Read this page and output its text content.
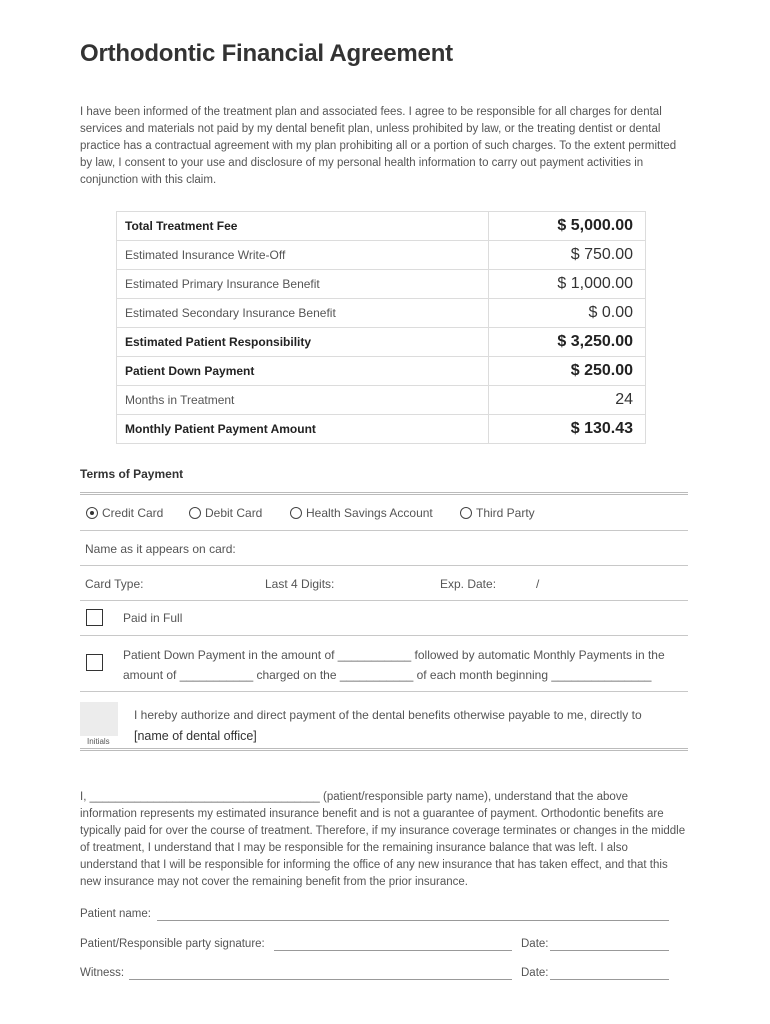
Orthodontic Financial Agreement

I have been informed of the treatment plan and associated fees. I agree to be responsible for all charges for dental services and materials not paid by my dental benefit plan, unless prohibited by law, or the treating dentist or dental practice has a contractual agreement with my plan prohibiting all or a portion of such charges. To the extent permitted by law, I consent to your use and disclosure of my personal health information to carry out payment activities in conjunction with this claim.

Total Treatment Fee	$ 5,000.00
Estimated Insurance Write-Off	$ 750.00
Estimated Primary Insurance Benefit	$ 1,000.00
Estimated Secondary Insurance Benefit	$ 0.00
Estimated Patient Responsibility	$ 3,250.00
Patient Down Payment	$ 250.00
Months in Treatment	24
Monthly Patient Payment Amount	$ 130.43
Terms of Payment
Credit Card	Debit Card	Health Savings Account	Third Party
Name as it appears on card:
Card Type:	Last 4 Digits:	Exp. Date:	/
Paid in Full
Patient Down Payment in the amount of ___________ followed by automatic Monthly Payments in the
amount of ___________ charged on the ___________ of each month beginning _______________
Initials
I hereby authorize and direct payment of the dental benefits otherwise payable to me, directly to
[name of dental office]

I, ____________________________________ (patient/responsible party name), understand that the above information represents my estimated insurance benefit and is not a guarantee of payment. Orthodontic benefits are typically paid for over the course of treatment. Therefore, if my insurance coverage terminates or changes in the middle of treatment, I understand that I may be responsible for the remaining insurance balance that was left. I also understand that I will be responsible for informing the office of any new insurance that has taken effect, and that this new insurance may not cover the remaining benefit from the prior insurance.

Patient name:
Patient/Responsible party signature:	Date:
Witness:	Date:
